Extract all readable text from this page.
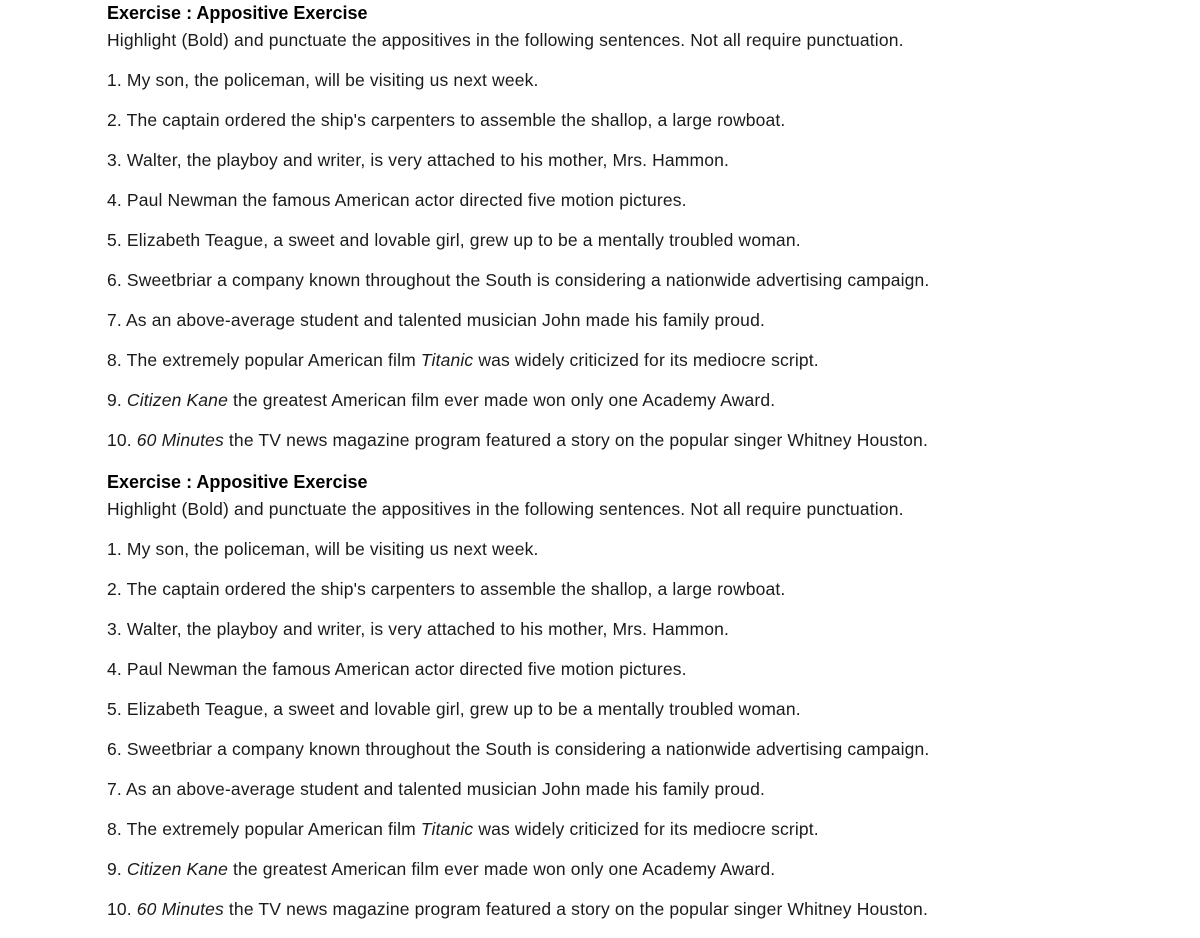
Exercise : Appositive Exercise
Highlight (Bold) and punctuate the appositives in the following sentences. Not all require punctuation.
1. My son, the policeman, will be visiting us next week.
2. The captain ordered the ship's carpenters to assemble the shallop, a large rowboat.
3. Walter, the playboy and writer, is very attached to his mother, Mrs. Hammon.
4. Paul Newman the famous American actor directed five motion pictures.
5. Elizabeth Teague, a sweet and lovable girl, grew up to be a mentally troubled woman.
6. Sweetbriar a company known throughout the South is considering a nationwide advertising campaign.
7. As an above-average student and talented musician John made his family proud.
8. The extremely popular American film Titanic was widely criticized for its mediocre script.
9. Citizen Kane the greatest American film ever made won only one Academy Award.
10. 60 Minutes the TV news magazine program featured a story on the popular singer Whitney Houston.
Exercise : Appositive Exercise
Highlight (Bold) and punctuate the appositives in the following sentences. Not all require punctuation.
1. My son, the policeman, will be visiting us next week.
2. The captain ordered the ship's carpenters to assemble the shallop, a large rowboat.
3. Walter, the playboy and writer, is very attached to his mother, Mrs. Hammon.
4. Paul Newman the famous American actor directed five motion pictures.
5. Elizabeth Teague, a sweet and lovable girl, grew up to be a mentally troubled woman.
6. Sweetbriar a company known throughout the South is considering a nationwide advertising campaign.
7. As an above-average student and talented musician John made his family proud.
8. The extremely popular American film Titanic was widely criticized for its mediocre script.
9. Citizen Kane the greatest American film ever made won only one Academy Award.
10. 60 Minutes the TV news magazine program featured a story on the popular singer Whitney Houston.
